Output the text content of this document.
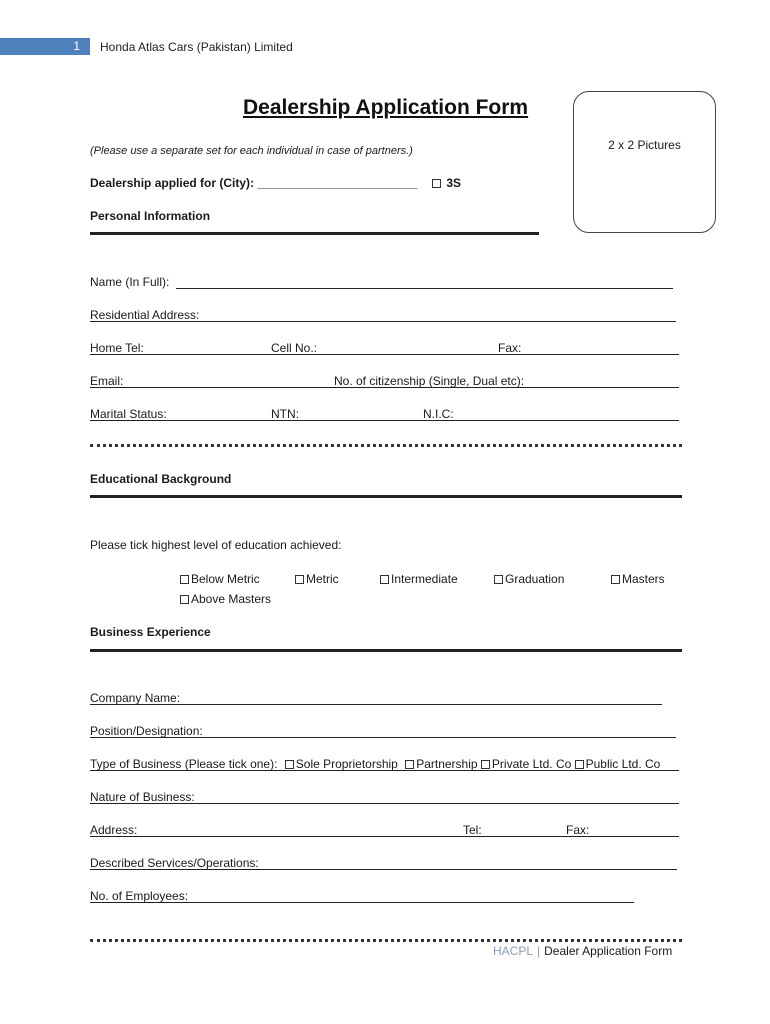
1	Honda Atlas Cars (Pakistan) Limited
Dealership Application Form
2 x 2 Pictures
(Please use a separate set for each individual in case of partners.)
Dealership applied for (City): ________________________	3S
Personal Information
Name (In Full):
Residential Address:
Home Tel:	Cell No.:	Fax:
Email:	No. of citizenship (Single, Dual etc):
Marital Status:	NTN:	N.I.C:
Educational Background
Please tick highest level of education achieved:
Below Metric	Metric	Intermediate	Graduation	Masters
Above Masters
Business Experience
Company Name:
Position/Designation:
Type of Business (Please tick one): Sole Proprietorship Partnership Private Ltd. Co Public Ltd. Co
Nature of Business:
Address:	Tel:	Fax:
Described Services/Operations:
No. of Employees:
HACPL | Dealer Application Form
